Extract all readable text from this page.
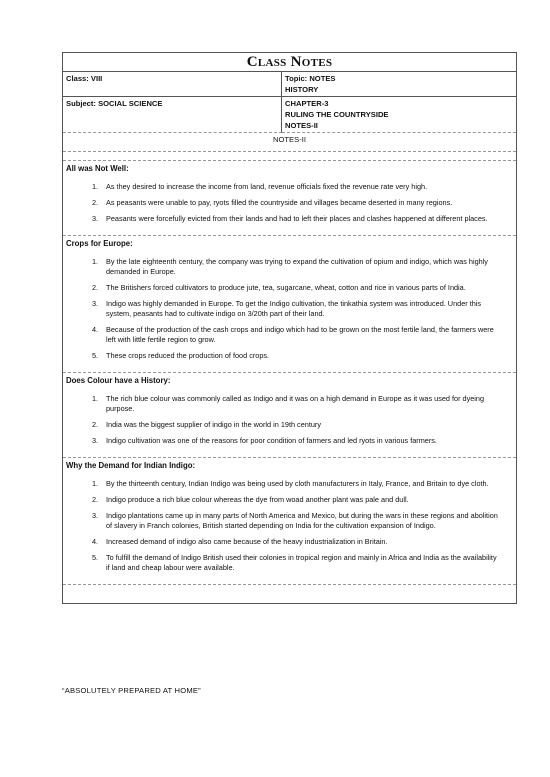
Class Notes
Class: VIII	Topic: NOTES
HISTORY
Subject: SOCIAL SCIENCE	CHAPTER-3
RULING THE COUNTRYSIDE
NOTES-II
NOTES-II
All was Not Well:
1.	As they desired to increase the income from land, revenue officials fixed the revenue rate very high.
2.	As peasants were unable to pay, ryots filled the countryside and villages became deserted in many regions.
3.	Peasants were forcefully evicted from their lands and had to left their places and clashes happened at different places.
Crops for Europe:
1.	By the late eighteenth century, the company was trying to expand the cultivation of opium and indigo, which was highly demanded in Europe.
2.	The Britishers forced cultivators to produce jute, tea, sugarcane, wheat, cotton and rice in various parts of India.
3.	Indigo was highly demanded in Europe. To get the Indigo cultivation, the tinkathia system was introduced. Under this system, peasants had to cultivate indigo on 3/20th part of their land.
4.	Because of the production of the cash crops and indigo which had to be grown on the most fertile land, the farmers were left with little fertile region to grow.
5.	These crops reduced the production of food crops.
Does Colour have a History:
1.	The rich blue colour was commonly called as Indigo and it was on a high demand in Europe as it was used for dyeing purpose.
2.	India was the biggest supplier of indigo in the world in 19th century
3.	Indigo cultivation was one of the reasons for poor condition of farmers and led ryots in various farmers.
Why the Demand for Indian Indigo:
1.	By the thirteenth century, Indian Indigo was being used by cloth manufacturers in Italy, France, and Britain to dye cloth.
2.	Indigo produce a rich blue colour whereas the dye from woad another plant was pale and dull.
3.	Indigo plantations came up in many parts of North America and Mexico, but during the wars in these regions and abolition of slavery in Franch colonies, British started depending on India for the cultivation expansion of Indigo.
4.	Increased demand of indigo also came because of the heavy industrialization in Britain.
5.	To fulfill the demand of Indigo British used their colonies in tropical region and mainly in Africa and India as the availability if land and cheap labour were available.
“ABSOLUTELY PREPARED AT HOME”
